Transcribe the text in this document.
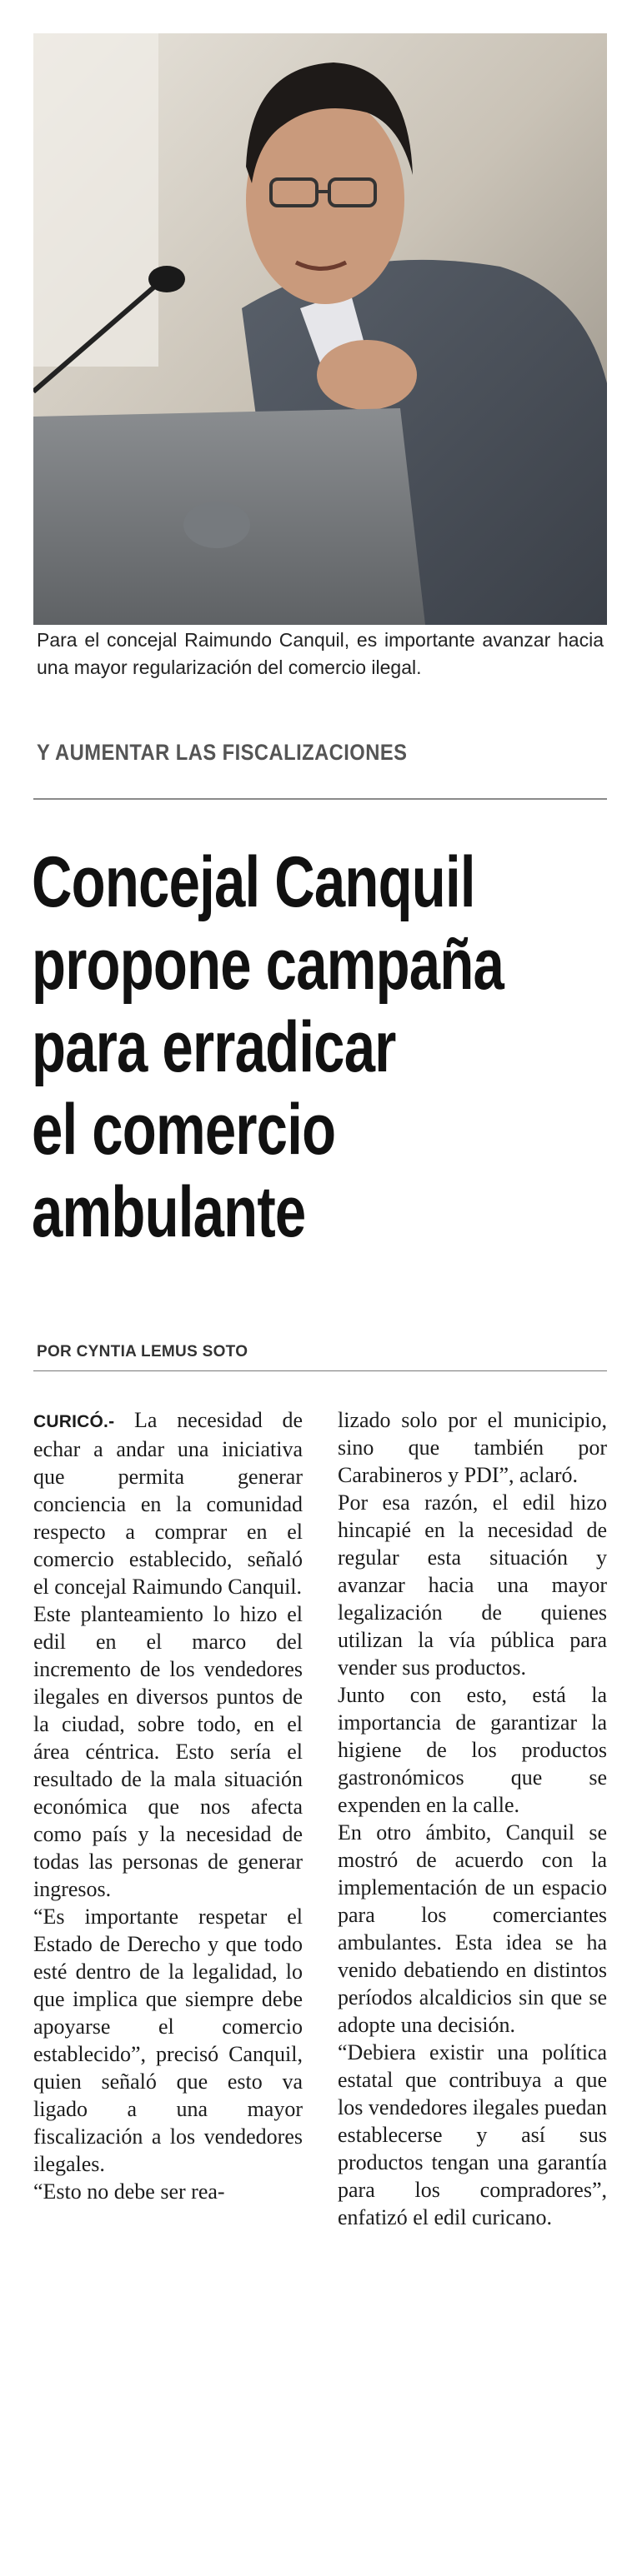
Para el concejal Raimundo Canquil, es importante avanzar hacia una mayor regularización del comercio ilegal.
Y AUMENTAR LAS FISCALIZACIONES
Concejal Canquil
propone campaña
para erradicar
el comercio
ambulante
POR CYNTIA LEMUS SOTO

CURICÓ.- La necesidad de echar a andar una iniciativa que permita generar conciencia en la comunidad respecto a comprar en el comercio establecido, señaló el concejal Raimundo Canquil.

Este planteamiento lo hizo el edil en el marco del incremento de los vendedores ilegales en diversos puntos de la ciudad, sobre todo, en el área céntrica. Esto sería el resultado de la mala situación económica que nos afecta como país y la necesidad de todas las personas de generar ingresos.

“Es importante respetar el Estado de Derecho y que todo esté dentro de la legalidad, lo que implica que siempre debe apoyarse el comercio establecido”, precisó Canquil, quien señaló que esto va ligado a una mayor fiscalización a los vendedores ilegales.

“Esto no debe ser rea-

lizado solo por el municipio, sino que también por Carabineros y PDI”, aclaró.

Por esa razón, el edil hizo hincapié en la necesidad de regular esta situación y avanzar hacia una mayor legalización de quienes utilizan la vía pública para vender sus productos.

Junto con esto, está la importancia de garantizar la higiene de los productos gastronómicos que se expenden en la calle.

En otro ámbito, Canquil se mostró de acuerdo con la implementación de un espacio para los comerciantes ambulantes. Esta idea se ha venido debatiendo en distintos períodos alcaldicios sin que se adopte una decisión.

“Debiera existir una política estatal que contribuya a que los vendedores ilegales puedan establecerse y así sus productos tengan una garantía para los compradores”, enfatizó el edil curicano.
